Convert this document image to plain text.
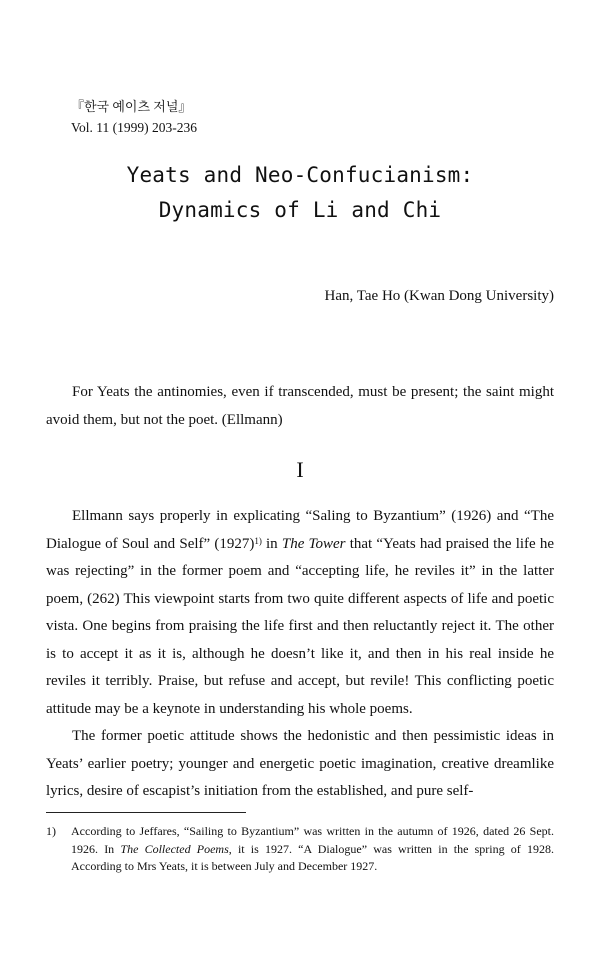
『한국 예이츠 저널』
Vol. 11 (1999) 203-236
Yeats and Neo-Confucianism:
Dynamics of Li and Chi
Han, Tae Ho (Kwan Dong University)
For Yeats the antinomies, even if transcended, must be present; the saint might avoid them, but not the poet. (Ellmann)
I

Ellmann says properly in explicating “Saling to Byzantium” (1926) and “The Dialogue of Soul and Self” $(1927)^{1)}$ in The Tower that “Yeats had praised the life he was rejecting” in the former poem and “accepting life, he reviles it” in the latter poem, (262) This viewpoint starts from two quite different aspects of life and poetic vista. One begins from praising the life first and then reluctantly reject it. The other is to accept it as it is, although he doesn’t like it, and then in his real inside he reviles it terribly. Praise, but refuse and accept, but revile! This conflicting poetic attitude may be a keynote in understanding his whole poems.

The former poetic attitude shows the hedonistic and then pessimistic ideas in Yeats’ earlier poetry; younger and energetic poetic imagination, creative dreamlike lyrics, desire of escapist’s initiation from the established, and pure self-

1)	According to Jeffares, “Sailing to Byzantium” was written in the autumn of 1926, dated 26 Sept. 1926. In The Collected Poems, it is 1927. “A Dialogue” was written in the spring of 1928. According to Mrs Yeats, it is between July and December 1927.
